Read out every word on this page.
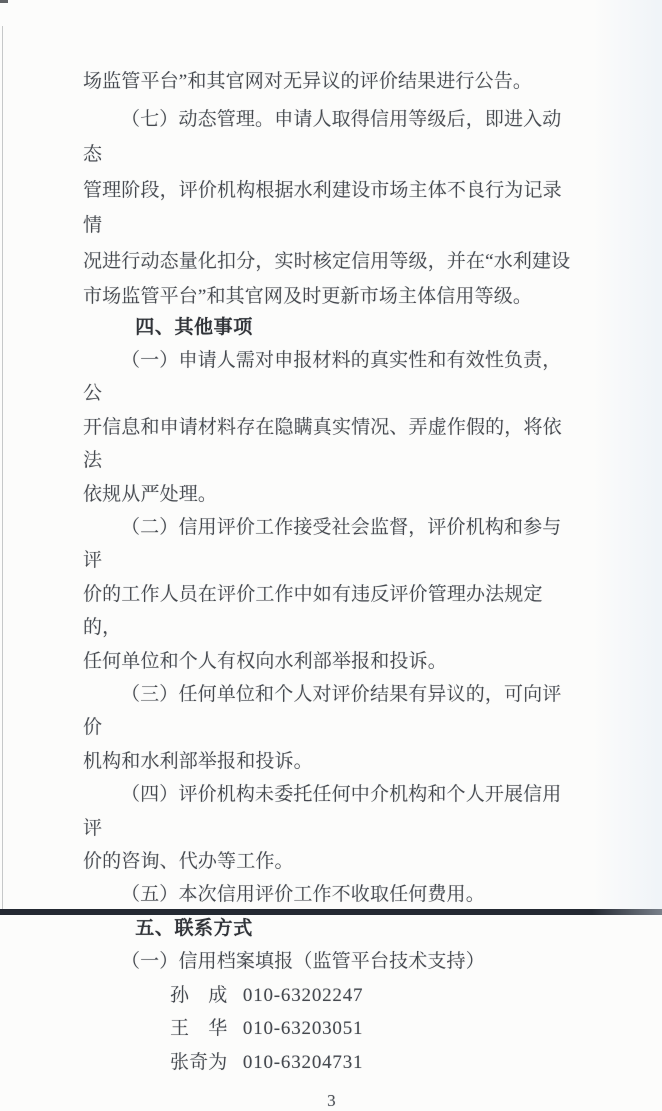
场监管平台”和其官网对无异议的评价结果进行公告。

（七）动态管理。申请人取得信用等级后，即进入动态

管理阶段，评价机构根据水利建设市场主体不良行为记录情

况进行动态量化扣分，实时核定信用等级，并在“水利建设

市场监管平台”和其官网及时更新市场主体信用等级。

四、其他事项

（一）申请人需对申报材料的真实性和有效性负责，公

开信息和申请材料存在隐瞒真实情况、弄虚作假的，将依法

依规从严处理。

（二）信用评价工作接受社会监督，评价机构和参与评

价的工作人员在评价工作中如有违反评价管理办法规定的，

任何单位和个人有权向水利部举报和投诉。

（三）任何单位和个人对评价结果有异议的，可向评价

机构和水利部举报和投诉。

（四）评价机构未委托任何中介机构和个人开展信用评

价的咨询、代办等工作。

（五）本次信用评价工作不收取任何费用。

五、联系方式

（一）信用档案填报（监管平台技术支持）

孙　成 010-63202247

王　华 010-63203051

张奇为 010-63204731

3
